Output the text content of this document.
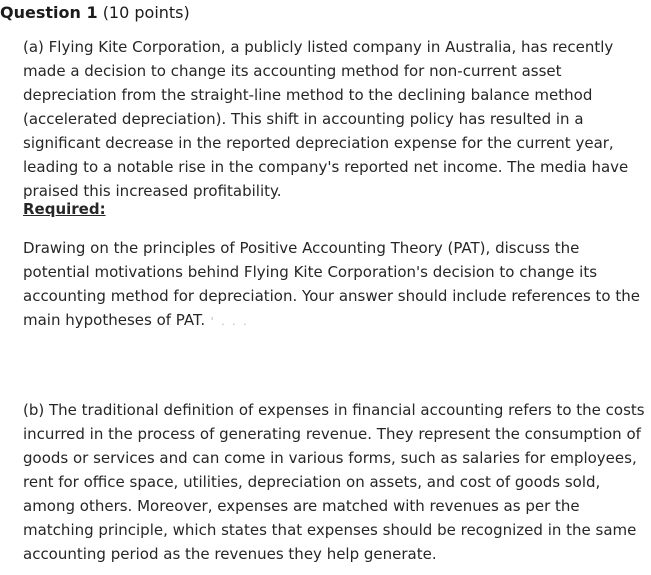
Question 1 (10 points)

(a) Flying Kite Corporation, a publicly listed company in Australia, has recently made a decision to change its accounting method for non-current asset depreciation from the straight-line method to the declining balance method (accelerated depreciation). This shift in accounting policy has resulted in a significant decrease in the reported depreciation expense for the current year, leading to a notable rise in the company's reported net income. The media have praised this increased profitability.

Required:

Drawing on the principles of Positive Accounting Theory (PAT), discuss the potential motivations behind Flying Kite Corporation's decision to change its accounting method for depreciation. Your answer should include references to the main hypotheses of PAT. ' . . .

(b) The traditional definition of expenses in financial accounting refers to the costs incurred in the process of generating revenue. They represent the consumption of goods or services and can come in various forms, such as salaries for employees, rent for office space, utilities, depreciation on assets, and cost of goods sold, among others. Moreover, expenses are matched with revenues as per the matching principle, which states that expenses should be recognized in the same accounting period as the revenues they help generate.
